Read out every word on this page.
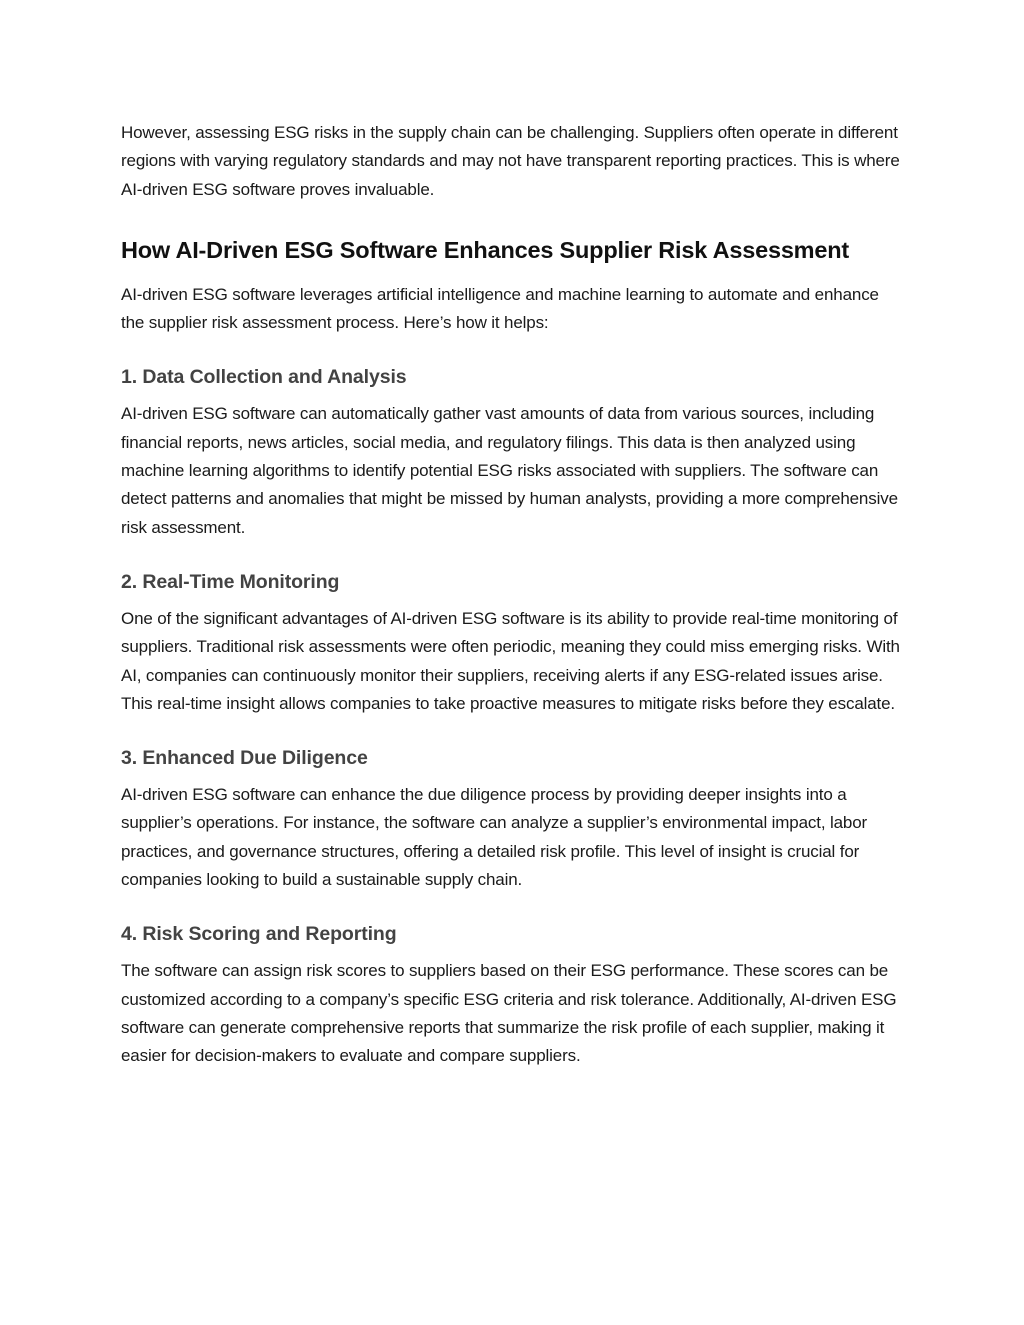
However, assessing ESG risks in the supply chain can be challenging. Suppliers often operate in different regions with varying regulatory standards and may not have transparent reporting practices. This is where AI-driven ESG software proves invaluable.

How AI-Driven ESG Software Enhances Supplier Risk Assessment

AI-driven ESG software leverages artificial intelligence and machine learning to automate and enhance the supplier risk assessment process. Here’s how it helps:

1. Data Collection and Analysis

AI-driven ESG software can automatically gather vast amounts of data from various sources, including financial reports, news articles, social media, and regulatory filings. This data is then analyzed using machine learning algorithms to identify potential ESG risks associated with suppliers. The software can detect patterns and anomalies that might be missed by human analysts, providing a more comprehensive risk assessment.

2. Real-Time Monitoring

One of the significant advantages of AI-driven ESG software is its ability to provide real-time monitoring of suppliers. Traditional risk assessments were often periodic, meaning they could miss emerging risks. With AI, companies can continuously monitor their suppliers, receiving alerts if any ESG-related issues arise. This real-time insight allows companies to take proactive measures to mitigate risks before they escalate.

3. Enhanced Due Diligence

AI-driven ESG software can enhance the due diligence process by providing deeper insights into a supplier’s operations. For instance, the software can analyze a supplier’s environmental impact, labor practices, and governance structures, offering a detailed risk profile. This level of insight is crucial for companies looking to build a sustainable supply chain.

4. Risk Scoring and Reporting

The software can assign risk scores to suppliers based on their ESG performance. These scores can be customized according to a company’s specific ESG criteria and risk tolerance. Additionally, AI-driven ESG software can generate comprehensive reports that summarize the risk profile of each supplier, making it easier for decision-makers to evaluate and compare suppliers.
